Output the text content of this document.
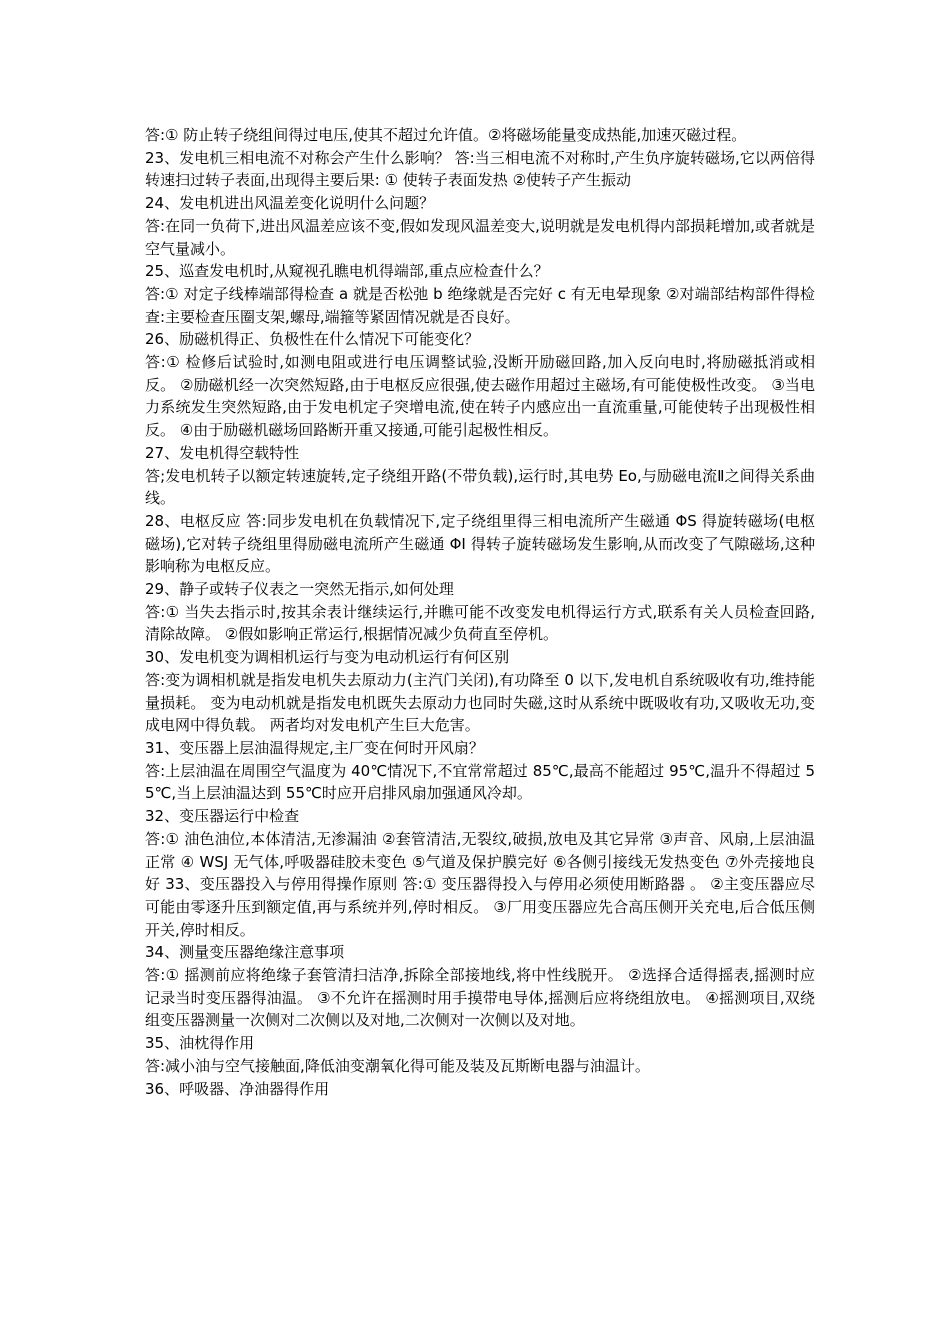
答:① 防止转子绕组间得过电压,使其不超过允许值。②将磁场能量变成热能,加速灭磁过程。

23、发电机三相电流不对称会产生什么影响？ 答:当三相电流不对称时,产生负序旋转磁场,它以两倍得转速扫过转子表面,出现得主要后果: ① 使转子表面发热 ②使转子产生振动

24、发电机进出风温差变化说明什么问题？

答:在同一负荷下,进出风温差应该不变,假如发现风温差变大,说明就是发电机得内部损耗增加,或者就是空气量减小。

25、巡查发电机时,从窥视孔瞧电机得端部,重点应检查什么？

答:① 对定子线棒端部得检查 a 就是否松弛 b 绝缘就是否完好 c 有无电晕现象 ②对端部结构部件得检查:主要检查压圈支架,螺母,端箍等紧固情况就是否良好。

26、励磁机得正、负极性在什么情况下可能变化？

答:① 检修后试验时,如测电阻或进行电压调整试验,没断开励磁回路,加入反向电时,将励磁抵消或相反。 ②励磁机经一次突然短路,由于电枢反应很强,使去磁作用超过主磁场,有可能使极性改变。 ③当电力系统发生突然短路,由于发电机定子突增电流,使在转子内感应出一直流重量,可能使转子出现极性相反。 ④由于励磁机磁场回路断开重又接通,可能引起极性相反。

27、发电机得空载特性

答;发电机转子以额定转速旋转,定子绕组开路(不带负载),运行时,其电势 Eo,与励磁电流Ⅱ之间得关系曲线。

28、电枢反应 答:同步发电机在负载情况下,定子绕组里得三相电流所产生磁通 ΦS 得旋转磁场(电枢磁场),它对转子绕组里得励磁电流所产生磁通 ΦI 得转子旋转磁场发生影响,从而改变了气隙磁场,这种影响称为电枢反应。

29、静子或转子仪表之一突然无指示,如何处理

答:① 当失去指示时,按其余表计继续运行,并瞧可能不改变发电机得运行方式,联系有关人员检查回路,清除故障。 ②假如影响正常运行,根据情况减少负荷直至停机。

30、发电机变为调相机运行与变为电动机运行有何区别

答:变为调相机就是指发电机失去原动力(主汽门关闭),有功降至 0 以下,发电机自系统吸收有功,维持能量损耗。 变为电动机就是指发电机既失去原动力也同时失磁,这时从系统中既吸收有功,又吸收无功,变成电网中得负载。 两者均对发电机产生巨大危害。

31、变压器上层油温得规定,主厂变在何时开风扇？

答:上层油温在周围空气温度为 40℃情况下,不宜常常超过 85℃,最高不能超过 95℃,温升不得超过 55℃,当上层油温达到 55℃时应开启排风扇加强通风冷却。

32、变压器运行中检查

答:① 油色油位,本体清洁,无渗漏油 ②套管清洁,无裂纹,破损,放电及其它异常 ③声音、风扇,上层油温正常 ④ WSJ 无气体,呼吸器硅胶未变色 ⑤气道及保护膜完好 ⑥各侧引接线无发热变色 ⑦外壳接地良好 33、变压器投入与停用得操作原则 答:① 变压器得投入与停用必须使用断路器 。 ②主变压器应尽可能由零逐升压到额定值,再与系统并列,停时相反。 ③厂用变压器应先合高压侧开关充电,后合低压侧开关,停时相反。

34、测量变压器绝缘注意事项

答:① 摇测前应将绝缘子套管清扫洁净,拆除全部接地线,将中性线脱开。 ②选择合适得摇表,摇测时应记录当时变压器得油温。 ③不允许在摇测时用手摸带电导体,摇测后应将绕组放电。 ④摇测项目,双绕组变压器测量一次侧对二次侧以及对地,二次侧对一次侧以及对地。

35、油枕得作用

答:减小油与空气接触面,降低油变潮氧化得可能及装及瓦斯断电器与油温计。

36、呼吸器、净油器得作用
